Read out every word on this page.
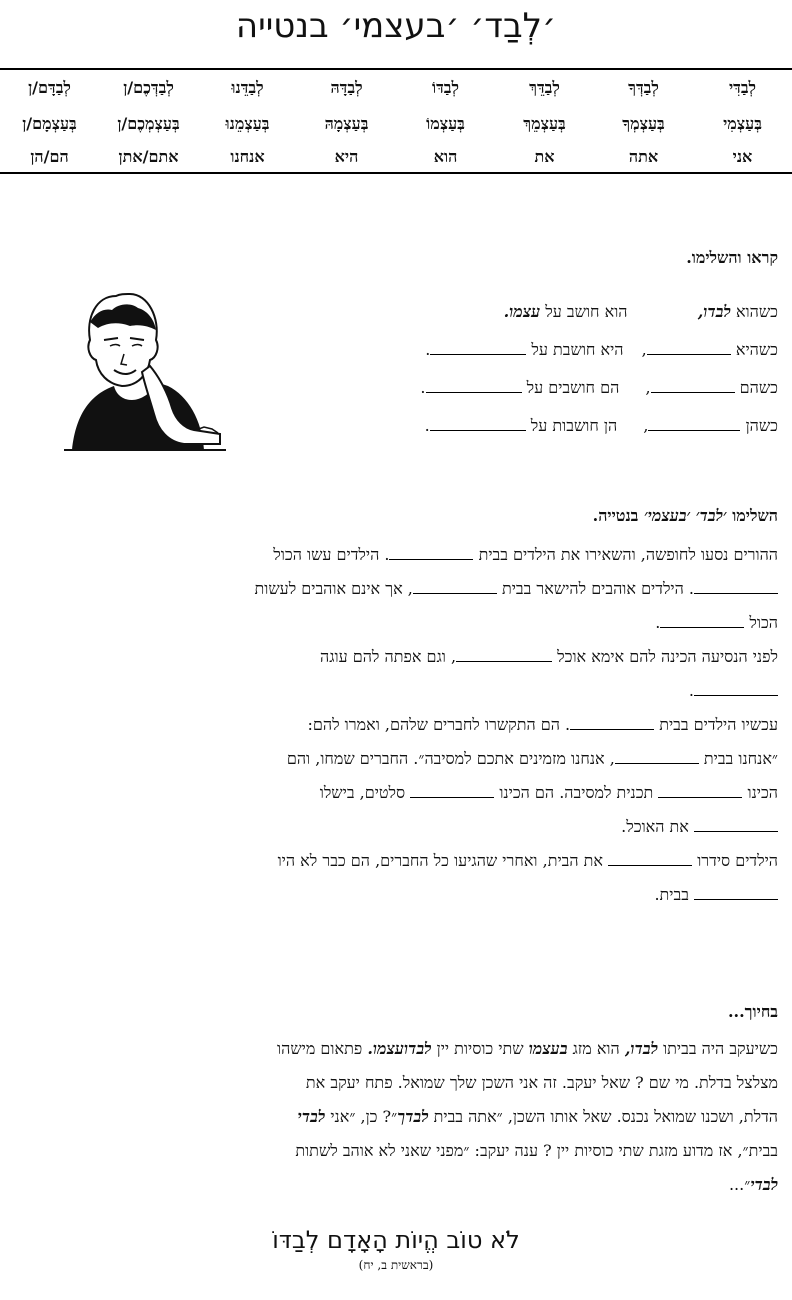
׳לְבַד׳ ׳בעצמי׳ בנטייה
לְבַדִּי	לְבַדְּךָ	לְבַדֵּךְ	לְבַדּוֹ	לְבַדָּהּ	לְבַדֵּנוּ	לְבַדְּכֶם/ן	לְבַדָּם/ן
בְּעַצְמִי	בְּעַצְמְךָ	בְּעַצְמֵךְ	בְּעַצְמוֹ	בְּעַצְמָהּ	בְּעַצְמֵנוּ	בְּעַצְמְכֶם/ן	בְּעַצְמָם/ן
אני	אתה	את	הוא	היא	אנחנו	אתם/אתן	הם/הן
קראו והשלימו.
כשהוא לבדו,  הוא חושב על עצמו.
כשהיא ,  היא חושבת על .
כשהם ,  הם חושבים על .
כשהן ,  הן חושבות על .
השלימו ׳לבד׳ ׳בעצמי׳ בנטייה.
ההורים נסעו לחופשה, והשאירו את הילדים בבית . הילדים עשו הכול
. הילדים אוהבים להישאר בבית , אך אינם אוהבים לעשות
הכול .
לפני הנסיעה הכינה להם אימא אוכל , וגם אפתה להם עוגה
.
עכשיו הילדים בבית . הם התקשרו לחברים שלהם, ואמרו להם:
״אנחנו בבית , אנחנו מזמינים אתכם למסיבה״. החברים שמחו, והם
הכינו  תכנית למסיבה. הם הכינו  סלטים, בישלו
את האוכל.
הילדים סידרו  את הבית, ואחרי שהגיעו כל החברים, הם כבר לא היו
בבית.
בחיוך...
כשיעקב היה בביתו לבדו, הוא מזג בעצמו שתי כוסיות יין לבדועצמו. פתאום מישהו
מצלצל בדלת. מי שם ? שאל יעקב. זה אני השכן שלך שמואל. פתח יעקב את
הדלת, ושכנו שמואל נכנס. שאל אותו השכן, ״אתה בבית לבדך״? כן, ״אני לבדי
בבית״, אז מדוע מזגת שתי כוסיות יין ? ענה יעקב: ״מפני שאני לא אוהב לשתות
לבדי״...
לֹא טוֹב הֱיוֹת הָאָדָם לְבַדּוֹ
(בראשית ב, יח)
